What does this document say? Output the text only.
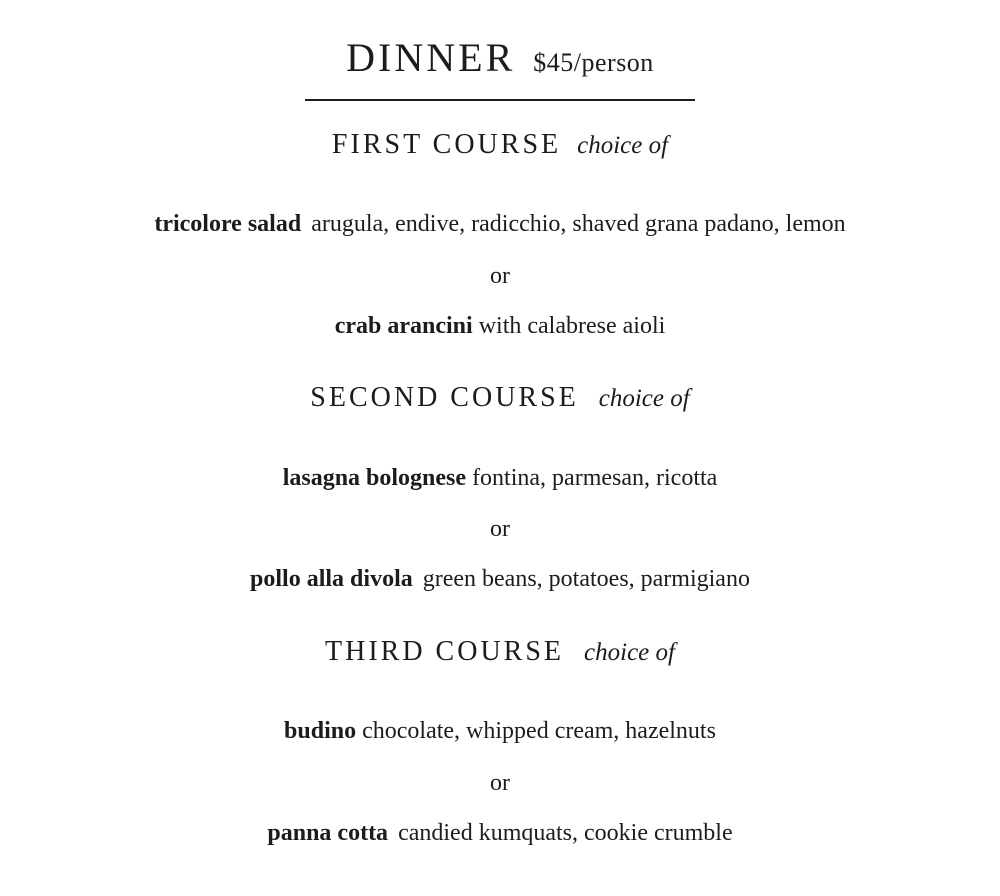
DINNER $45/person
FIRST COURSE choice of
tricolore salad arugula, endive, radicchio, shaved grana padano, lemon
or
crab arancini with calabrese aioli
SECOND COURSE choice of
lasagna bolognese fontina, parmesan, ricotta
or
pollo alla divola green beans, potatoes, parmigiano
THIRD COURSE choice of
budino chocolate, whipped cream, hazelnuts
or
panna cotta candied kumquats, cookie crumble
